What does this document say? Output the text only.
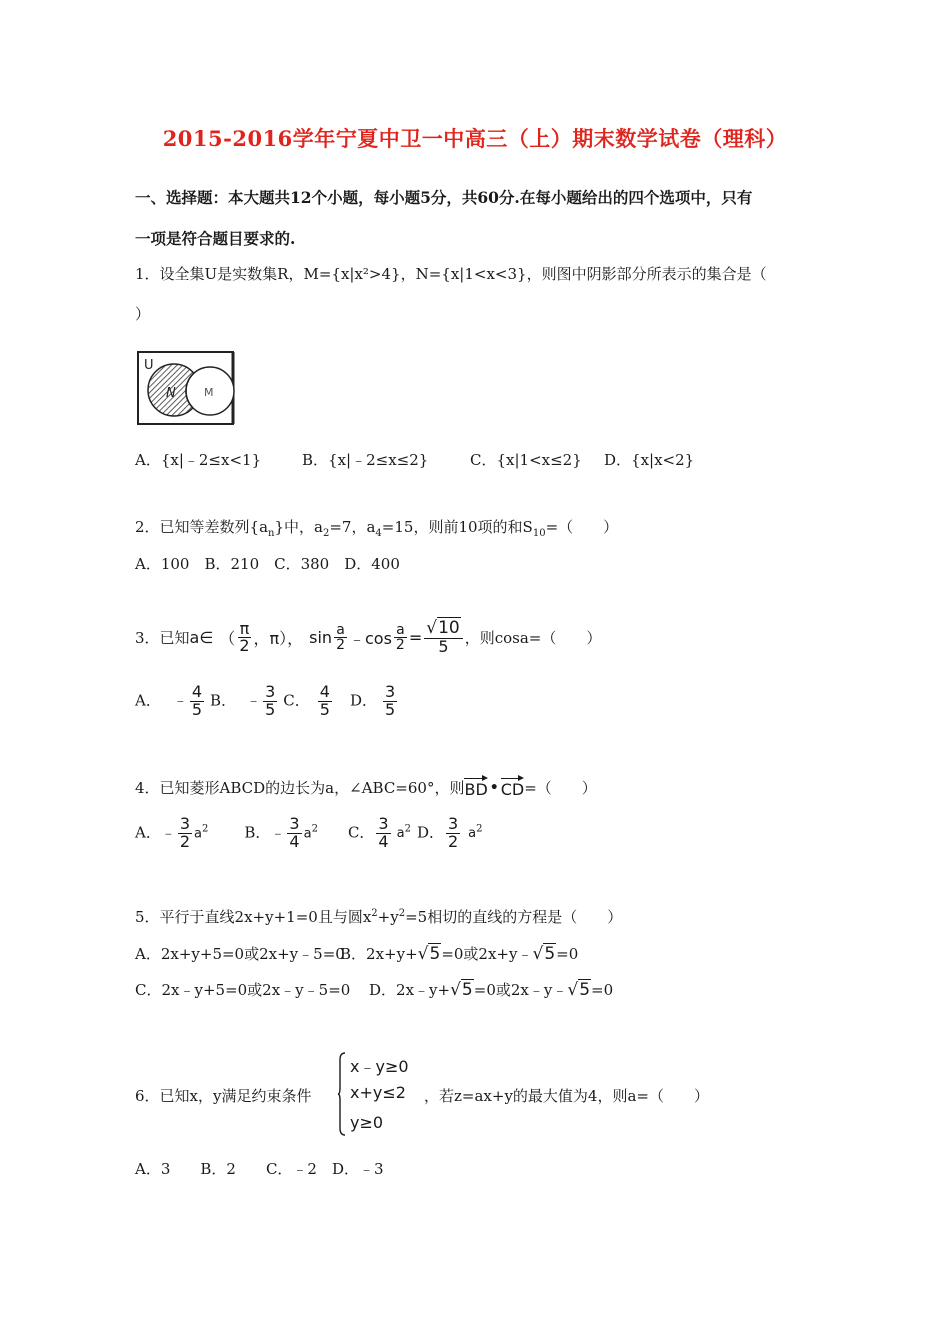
2015-2016学年宁夏中卫一中高三（上）期末数学试卷（理科）
一、选择题：本大题共12个小题，每小题5分，共60分.在每小题给出的四个选项中，只有
一项是符合题目要求的.
1．设全集U是实数集R，M={x|x²>4}，N={x|1<x<3}，则图中阴影部分所表示的集合是（
）
U
N	M
A．{x|﹣2≤x<1}	B．{x|﹣2≤x≤2}	C．{x|1<x≤2} D．{x|x<2}
2．已知等差数列$\{a_n\}$中，$a_2=7$，$a_4=15$，则前10项的和$S_{10}=$（　　）
A．100　B．210　C．380　D．400
3．已知 a∈ （ $\frac{\pi}{2}$ ，π）， $\sin \frac{a}{2}$ ﹣cos $\frac{a}{2} = \frac{√10}{5}$ ，则cosa=（　　）
A． ﹣ $\frac{4}{5}$ B． ﹣ $\frac{3}{5}$ C． $\frac{4}{5}$ D． $\frac{3}{5}$
4．已知菱形ABCD的边长为a，∠ABC=60°，则 BD • CD =（　　）
A．﹣ $\frac{3}{2} a^2$ B．﹣ $\frac{3}{4} a^2$ C． $\frac{3}{4} a^2$ D． $\frac{3}{2} a^2$
5．平行于直线2x+y+1=0且与圆$x^2+y^2=5$相切的直线的方程是（　　）
A．2x+y+5=0或2x+y﹣5=0
B．2x+y+√5=0或2x+y﹣√5=0
C．2x﹣y+5=0或2x﹣y﹣5=0 D．2x﹣y+√5=0或2x﹣y﹣√5=0
6．已知x，y满足约束条件
x﹣y≥0
x+y≤2
y≥0
，若z=ax+y的最大值为4，则a=（　　）
A．3　　B．2　　C．﹣2　D．﹣3
